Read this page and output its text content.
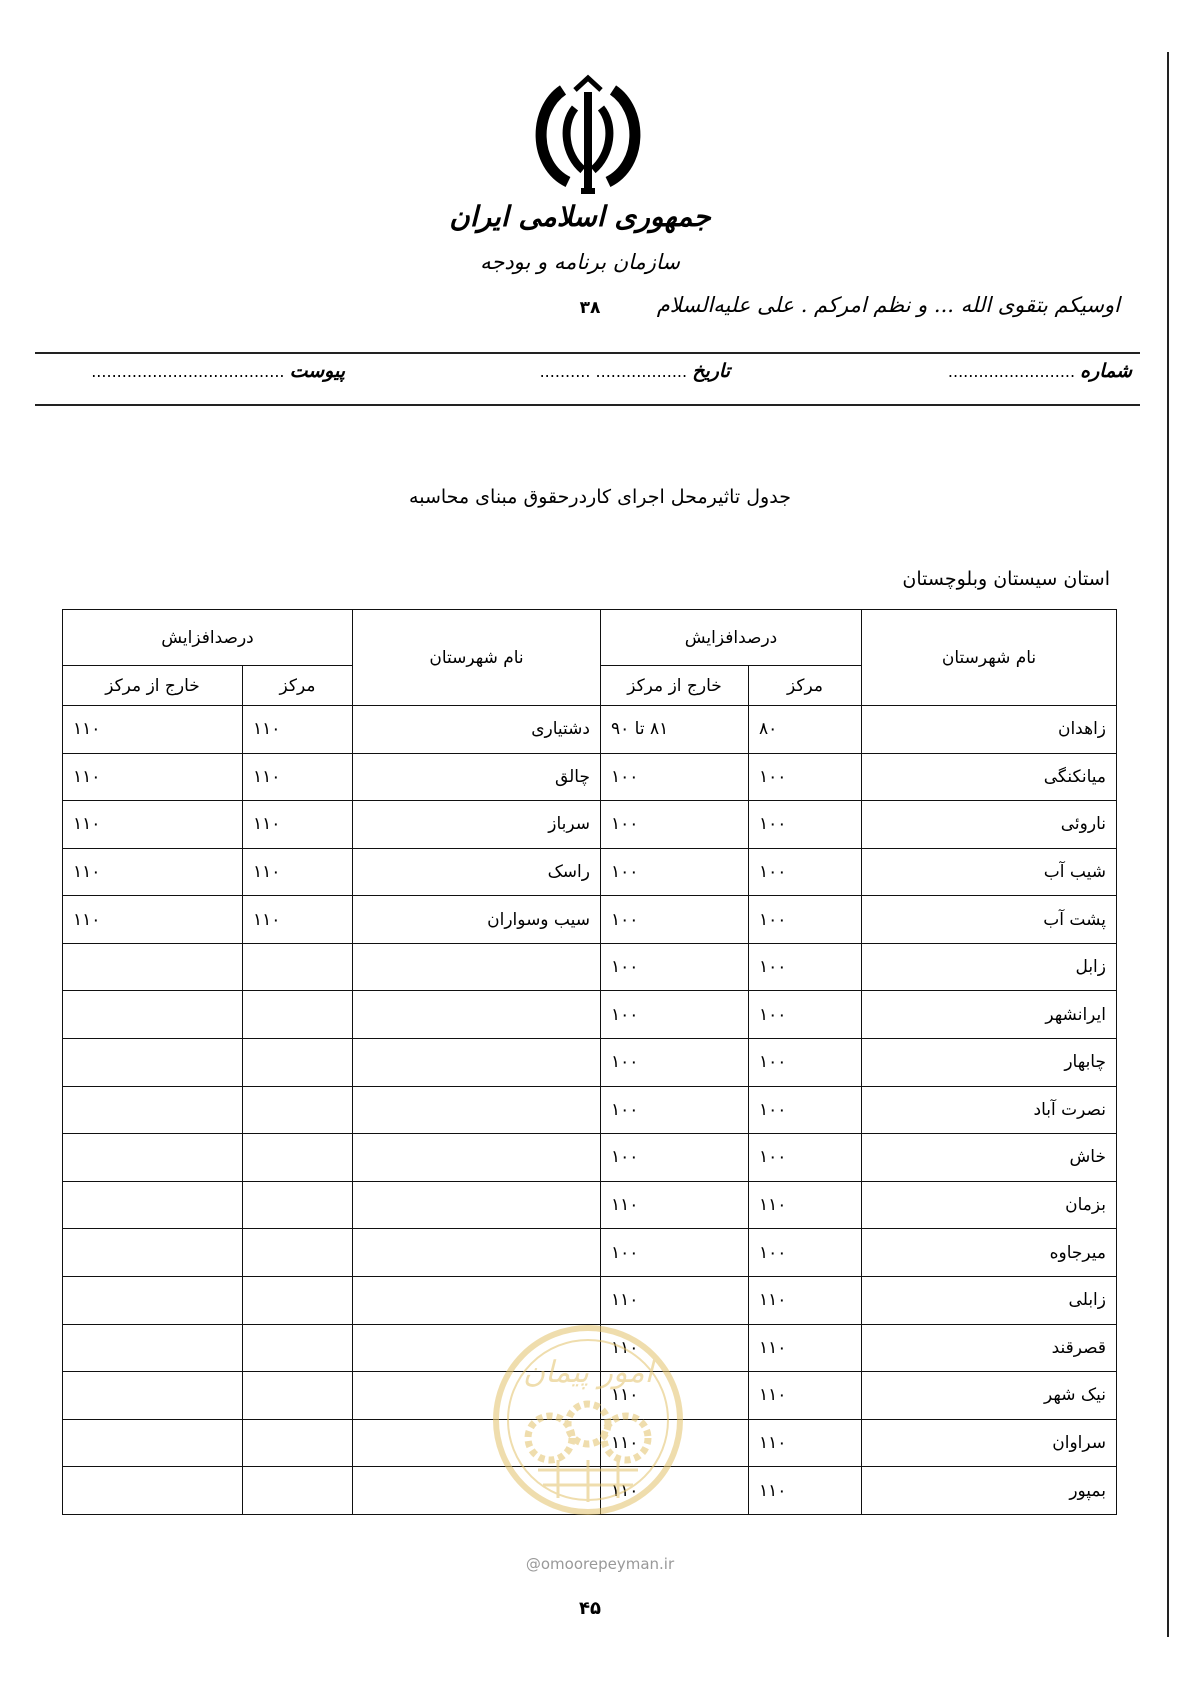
جمهوری اسلامی ایران
سازمان برنامه و بودجه
۳۸	اوسیکم بتقوی الله ... و نظم امرکم . علی علیه‌السلام
شماره .........................
تاریخ .................. ..........
پیوست ......................................
جدول تاثیرمحل اجرای کاردرحقوق مبنای محاسبه
استان سیستان وبلوچستان
نام شهرستان	درصدافزایش		نام شهرستان	درصدافزایش	
	مرکز	خارج از مرکز		مرکز	خارج از مرکز
زاهدان	۸۰	۸۱ تا ۹۰	دشتیاری	۱۱۰	۱۱۰
میانکنگی	۱۰۰	۱۰۰	چالق	۱۱۰	۱۱۰
ناروئی	۱۰۰	۱۰۰	سرباز	۱۱۰	۱۱۰
شیب آب	۱۰۰	۱۰۰	راسک	۱۱۰	۱۱۰
پشت آب	۱۰۰	۱۰۰	سیب وسواران	۱۱۰	۱۱۰
زابل	۱۰۰	۱۰۰			
ایرانشهر	۱۰۰	۱۰۰			
چابهار	۱۰۰	۱۰۰			
نصرت آباد	۱۰۰	۱۰۰			
خاش	۱۰۰	۱۰۰			
بزمان	۱۱۰	۱۱۰			
میرجاوه	۱۰۰	۱۰۰			
زابلی	۱۱۰	۱۱۰			
قصرقند	۱۱۰	۱۱۰			
نیک شهر	۱۱۰	۱۱۰			
سراوان	۱۱۰	۱۱۰			
بمپور	۱۱۰	۱۱۰			
امور پیمان
@omoorepeyman.ir
۴۵
